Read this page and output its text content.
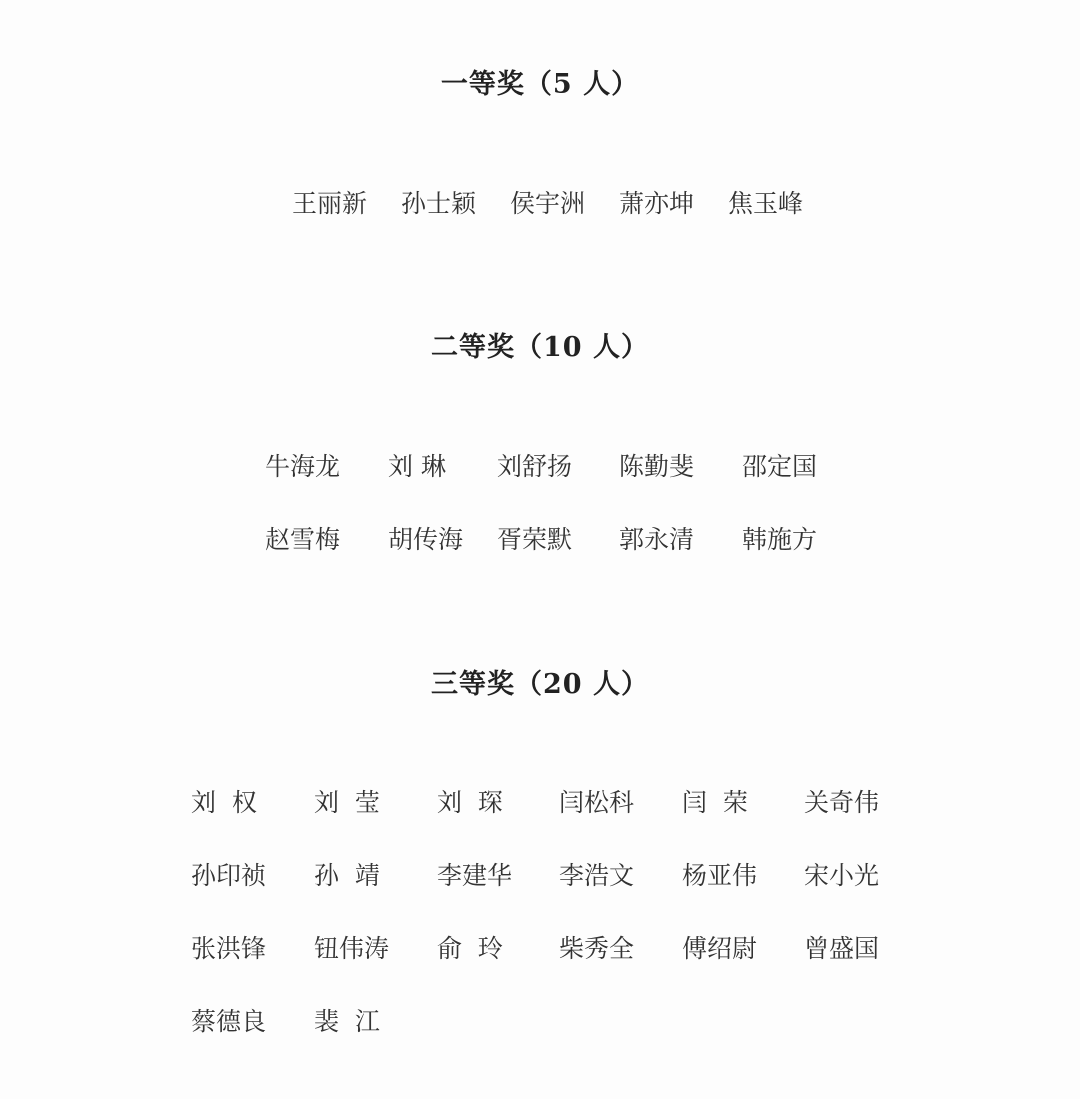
一等奖（5 人）
王丽新 孙士颖 侯宇洲 萧亦坤 焦玉峰
二等奖（10 人）
牛海龙 刘 琳 刘舒扬 陈勤斐 邵定国
赵雪梅 胡传海 胥荣默 郭永清 韩施方
三等奖（20 人）
刘  权 刘  莹 刘  琛 闫松科 闫  荣 关奇伟
孙印祯 孙  靖 李建华 李浩文 杨亚伟 宋小光
张洪锋 钮伟涛 俞  玲 柴秀全 傅绍尉 曾盛国
蔡德良 裴  江
